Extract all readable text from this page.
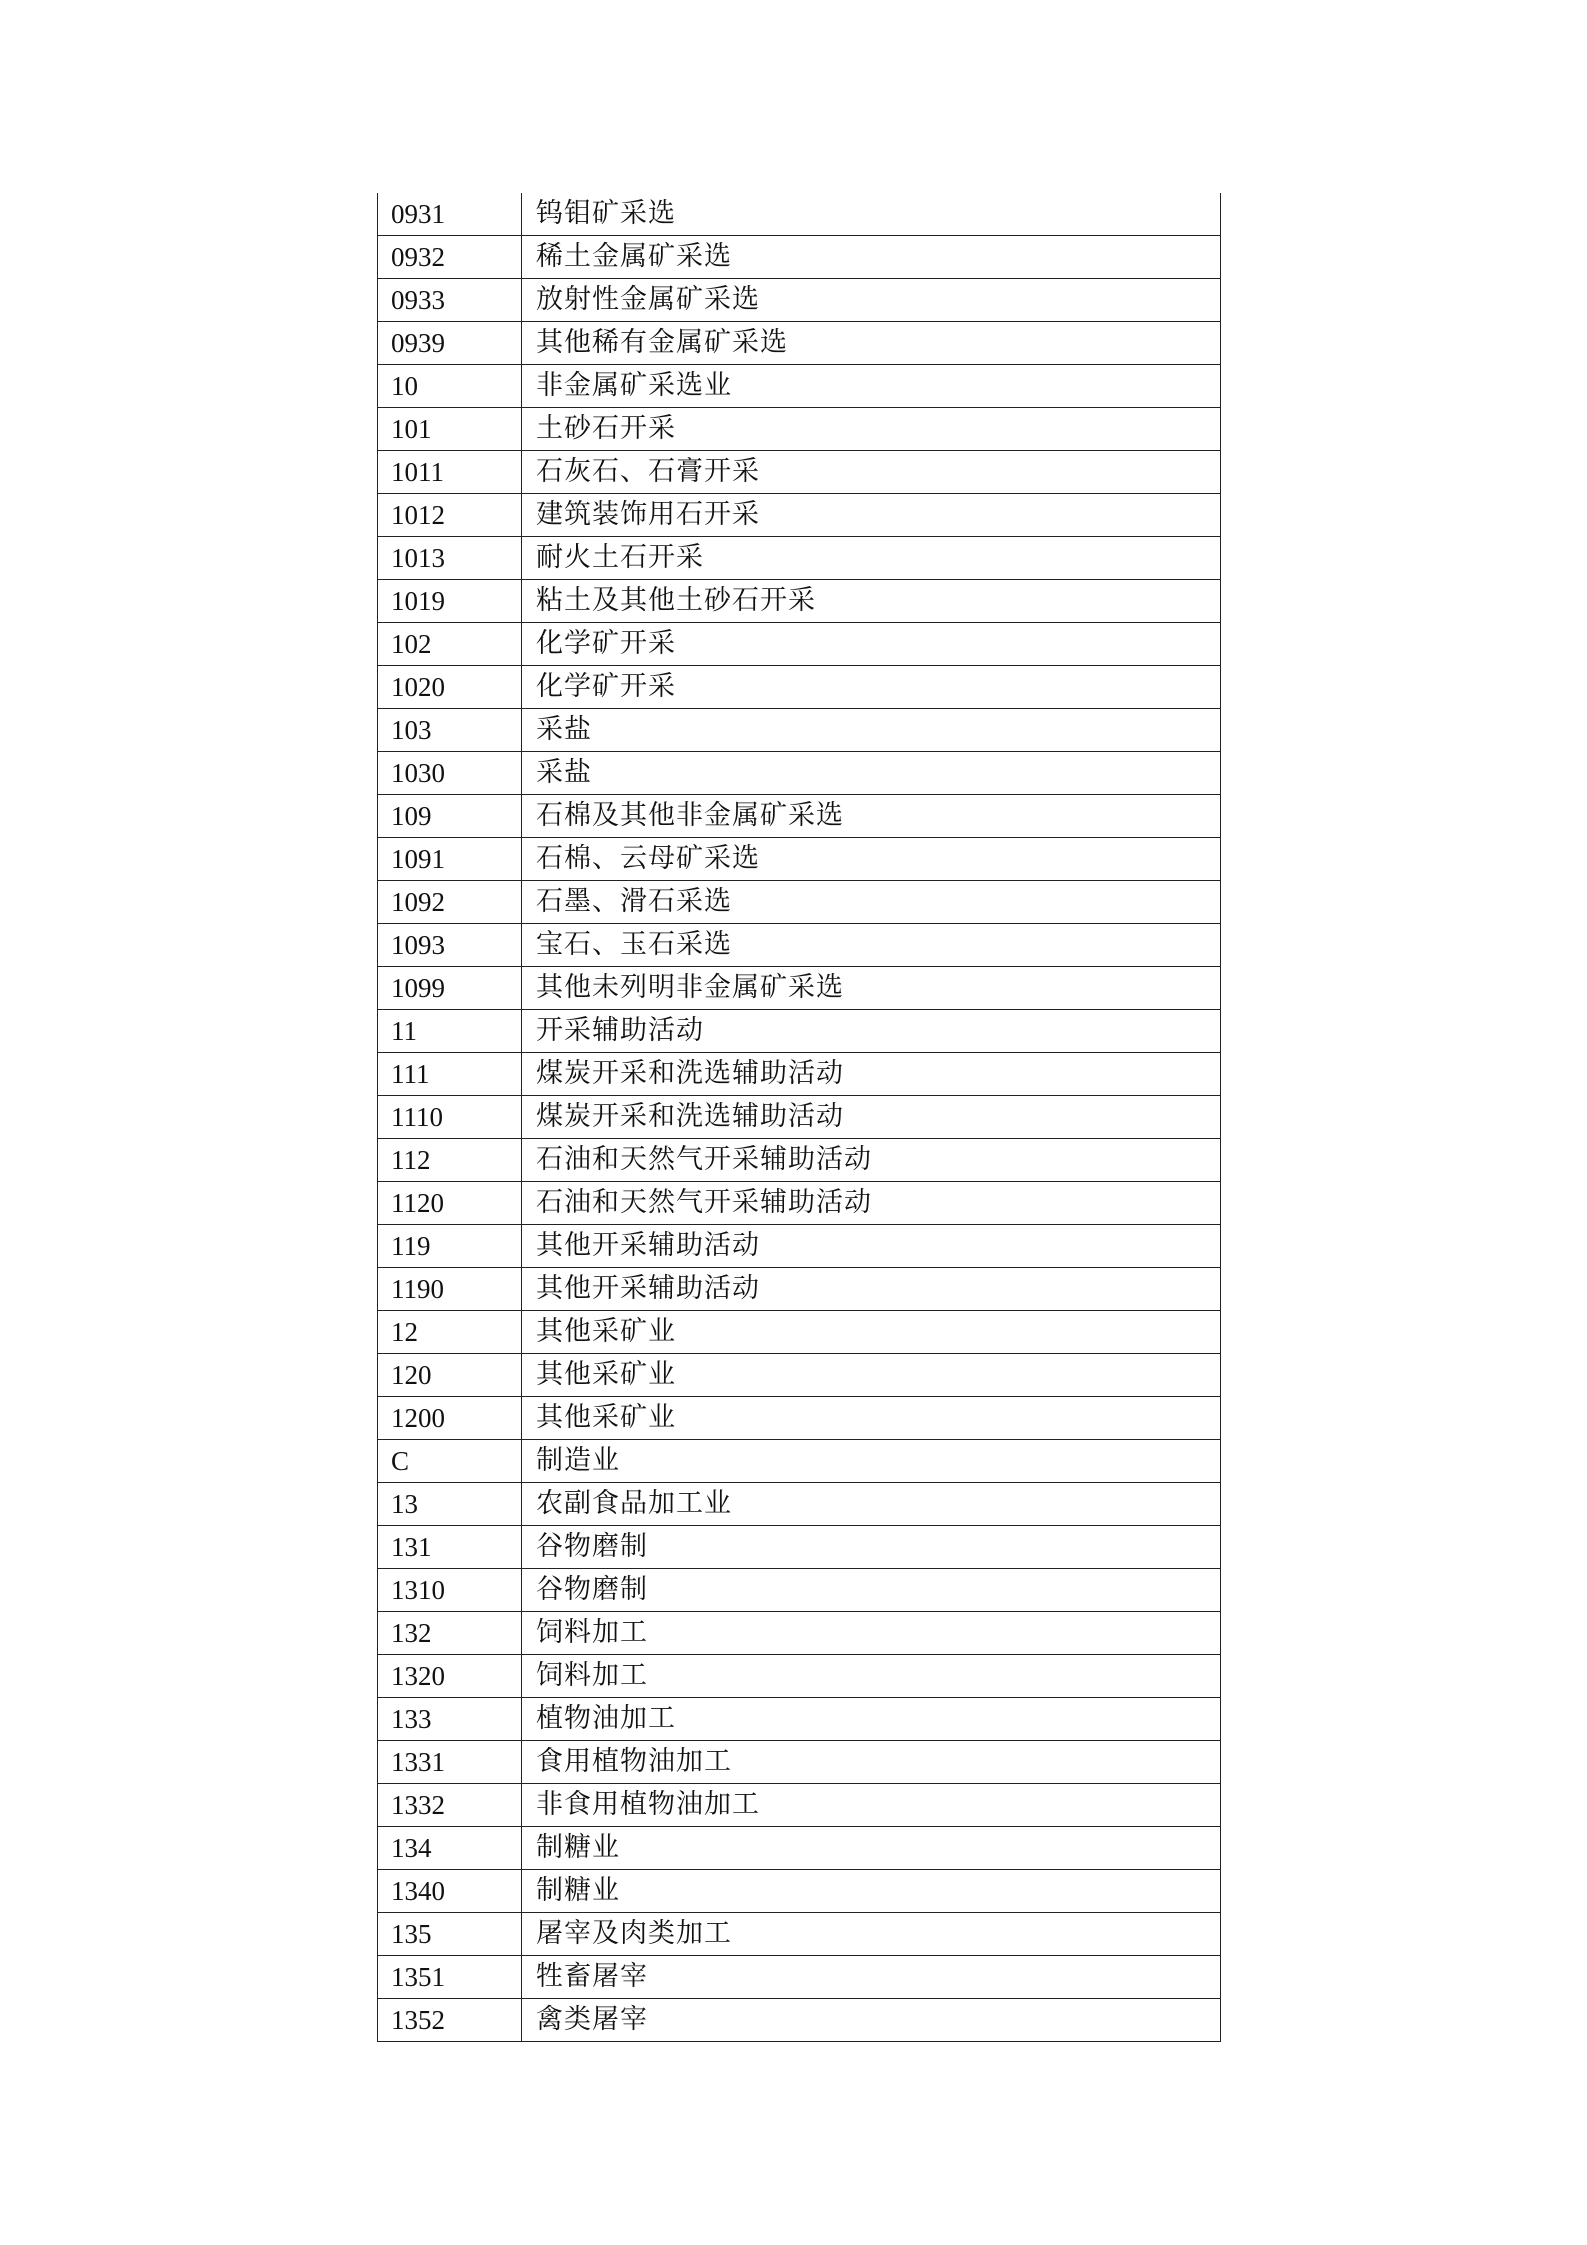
0931	钨钼矿采选
0932	稀土金属矿采选
0933	放射性金属矿采选
0939	其他稀有金属矿采选
10	非金属矿采选业
101	土砂石开采
1011	石灰石、石膏开采
1012	建筑装饰用石开采
1013	耐火土石开采
1019	粘土及其他土砂石开采
102	化学矿开采
1020	化学矿开采
103	采盐
1030	采盐
109	石棉及其他非金属矿采选
1091	石棉、云母矿采选
1092	石墨、滑石采选
1093	宝石、玉石采选
1099	其他未列明非金属矿采选
11	开采辅助活动
111	煤炭开采和洗选辅助活动
1110	煤炭开采和洗选辅助活动
112	石油和天然气开采辅助活动
1120	石油和天然气开采辅助活动
119	其他开采辅助活动
1190	其他开采辅助活动
12	其他采矿业
120	其他采矿业
1200	其他采矿业
C	制造业
13	农副食品加工业
131	谷物磨制
1310	谷物磨制
132	饲料加工
1320	饲料加工
133	植物油加工
1331	食用植物油加工
1332	非食用植物油加工
134	制糖业
1340	制糖业
135	屠宰及肉类加工
1351	牲畜屠宰
1352	禽类屠宰
